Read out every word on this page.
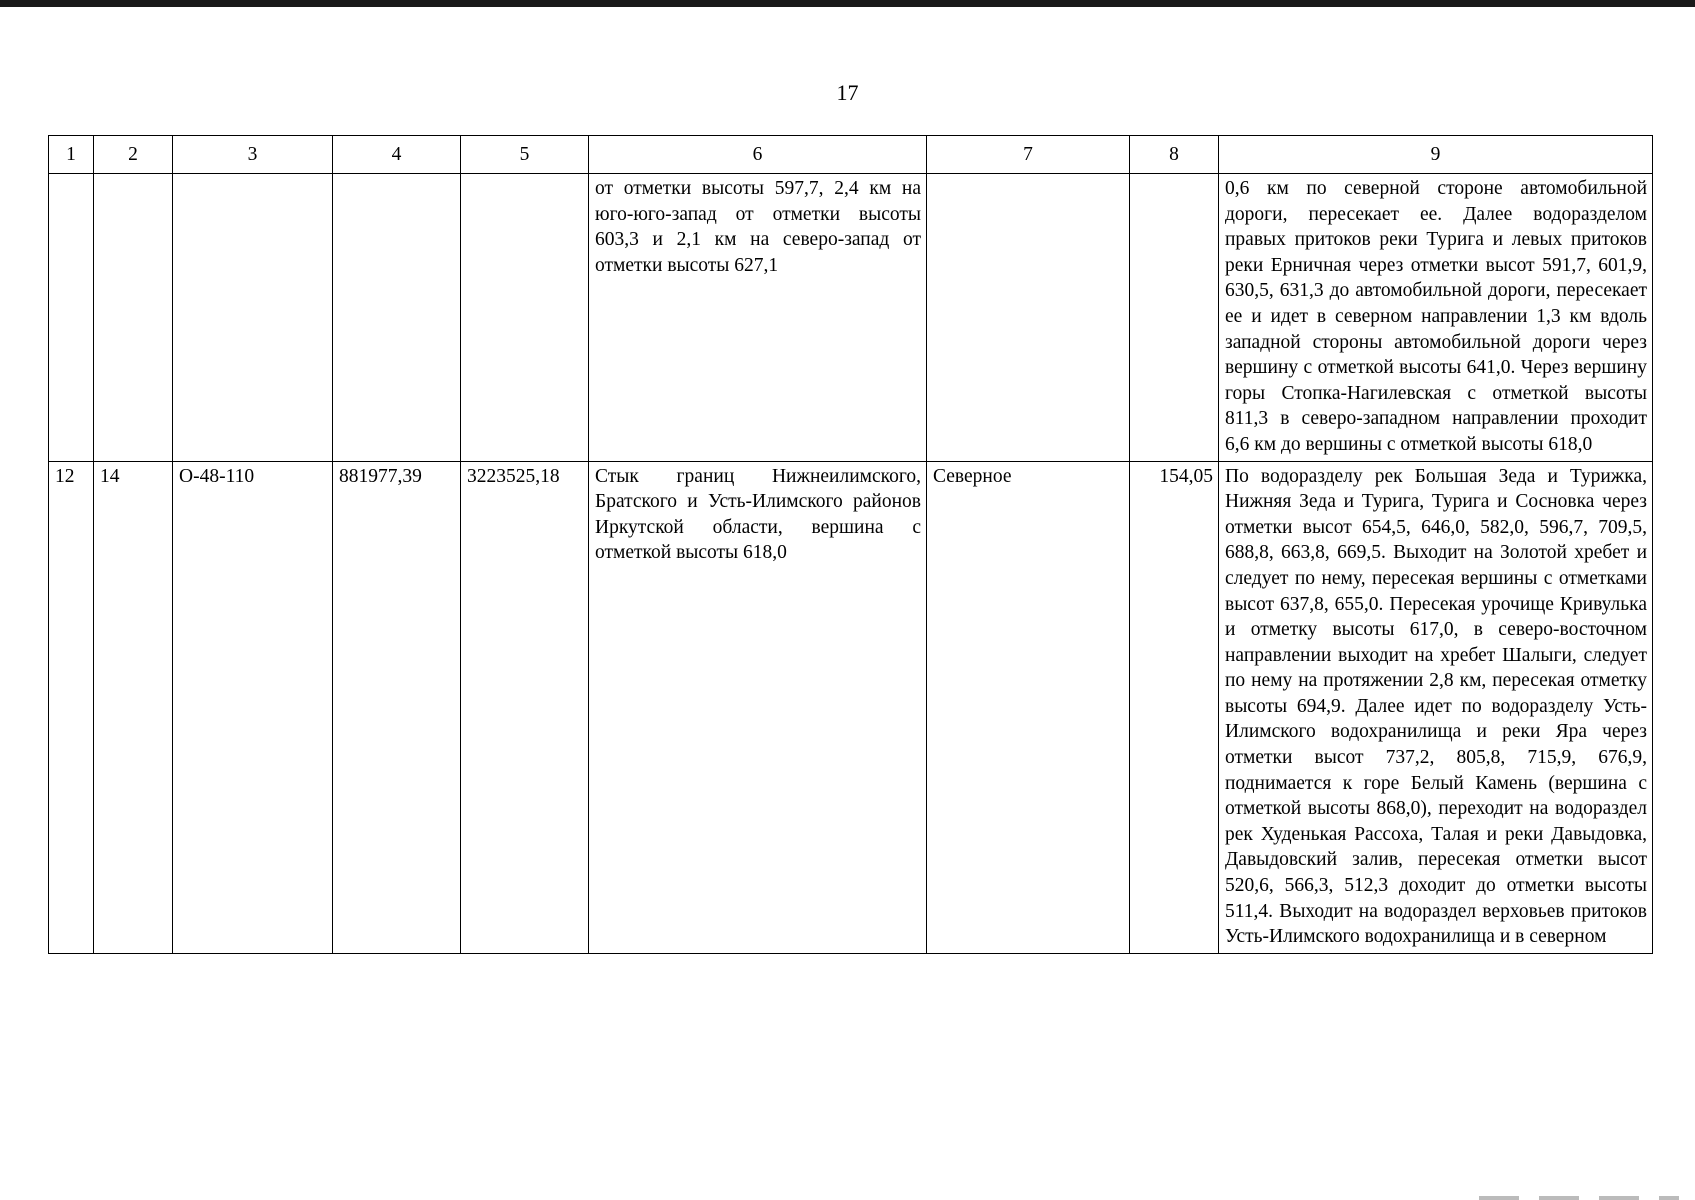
17
1	2	3	4	5	6	7	8	9
					от отметки высоты 597,7, 2,4 км на юго-юго-запад от отметки высоты 603,3 и 2,1 км на северо-запад от отметки высоты 627,1			0,6 км по северной стороне автомобильной дороги, пересекает ее. Далее водоразделом правых притоков реки Турига и левых притоков реки Ерничная через отметки высот 591,7, 601,9, 630,5, 631,3 до автомобильной дороги, пересекает ее и идет в северном направлении 1,3 км вдоль западной стороны автомобильной дороги через вершину с отметкой высоты 641,0. Через вершину горы Стопка-Нагилевская с отметкой высоты 811,3 в северо-западном направлении проходит 6,6 км до вершины с отметкой высоты 618,0
12	14	О-48-110	881977,39	3223525,18	Стык границ Нижнеилимского, Братского и Усть-Илимского районов Иркутской области, вершина с отметкой высоты 618,0	Северное	154,05	По водоразделу рек Большая Зеда и Турижка, Нижняя Зеда и Турига, Турига и Сосновка через отметки высот 654,5, 646,0, 582,0, 596,7, 709,5, 688,8, 663,8, 669,5. Выходит на Золотой хребет и следует по нему, пересекая вершины с отметками высот 637,8, 655,0. Пересекая урочище Кривулька и отметку высоты 617,0, в северо-восточном направлении выходит на хребет Шалыги, следует по нему на протяжении 2,8 км, пересекая отметку высоты 694,9. Далее идет по водоразделу Усть-Илимского водохранилища и реки Яра через отметки высот 737,2, 805,8, 715,9, 676,9, поднимается к горе Белый Камень (вершина с отметкой высоты 868,0), переходит на водораздел рек Худенькая Рассоха, Талая и реки Давыдовка, Давыдовский залив, пересекая отметки высот 520,6, 566,3, 512,3 доходит до отметки высоты 511,4. Выходит на водораздел верховьев притоков Усть-Илимского водохранилища и в северном
